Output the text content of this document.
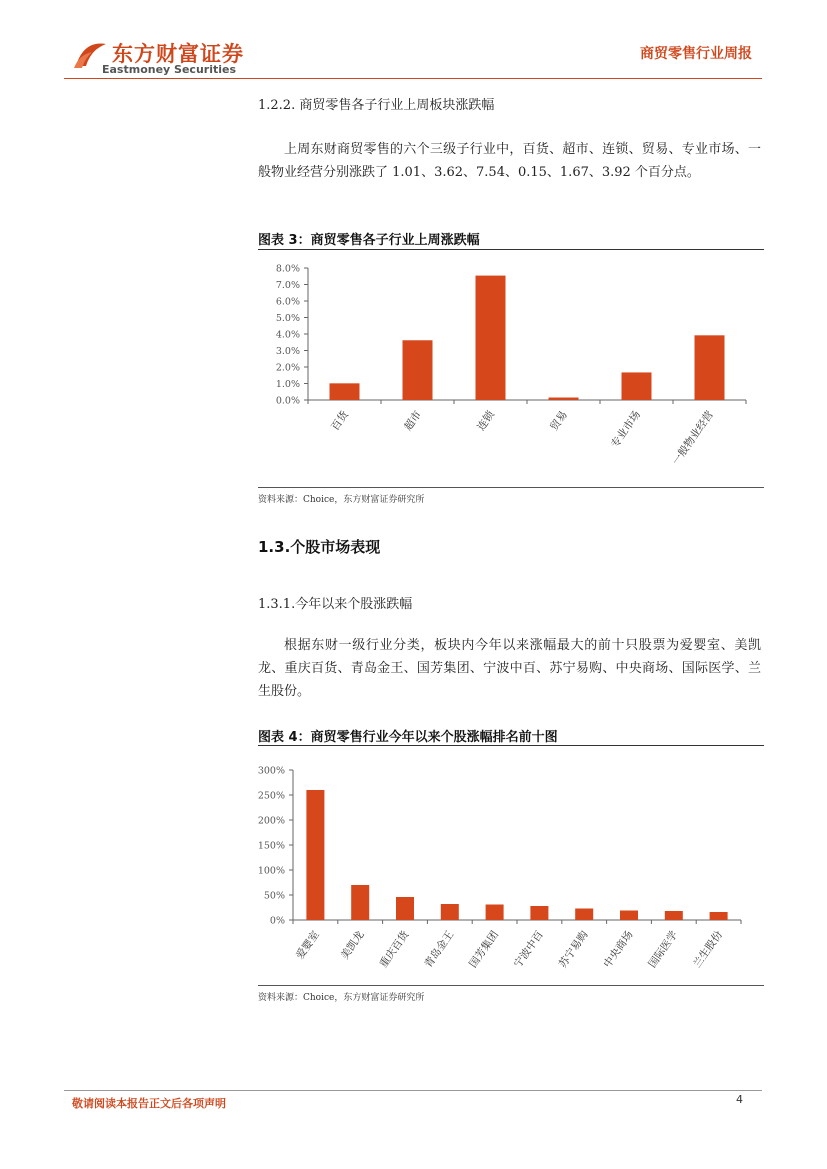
东方财富证券
Eastmoney Securities
商贸零售行业周报
1.2.2. 商贸零售各子行业上周板块涨跌幅
上周东财商贸零售的六个三级子行业中，百货、超市、连锁、贸易、专业市场、一般物业经营分别涨跌了 1.01、3.62、7.54、0.15、1.67、3.92 个百分点。
图表 3：商贸零售各子行业上周涨跌幅
8.0%
7.0%
6.0%
5.0%
4.0%
3.0%
2.0%
1.0%
0.0%
百货	超市	连锁	贸易	专业市场	一般物业经营
资料来源：Choice，东方财富证券研究所
1.3.个股市场表现
1.3.1.今年以来个股涨跌幅
根据东财一级行业分类，板块内今年以来涨幅最大的前十只股票为爱婴室、美凯龙、重庆百货、青岛金王、国芳集团、宁波中百、苏宁易购、中央商场、国际医学、兰生股份。
图表 4：商贸零售行业今年以来个股涨幅排名前十图
300%
250%
200%
150%
100%
50%
0%
爱婴室 美凯龙 重庆百货 青岛金王 国芳集团 宁波中百 苏宁易购 中央商场 国际医学 兰生股份
资料来源：Choice，东方财富证券研究所
敬请阅读本报告正文后各项声明	4
